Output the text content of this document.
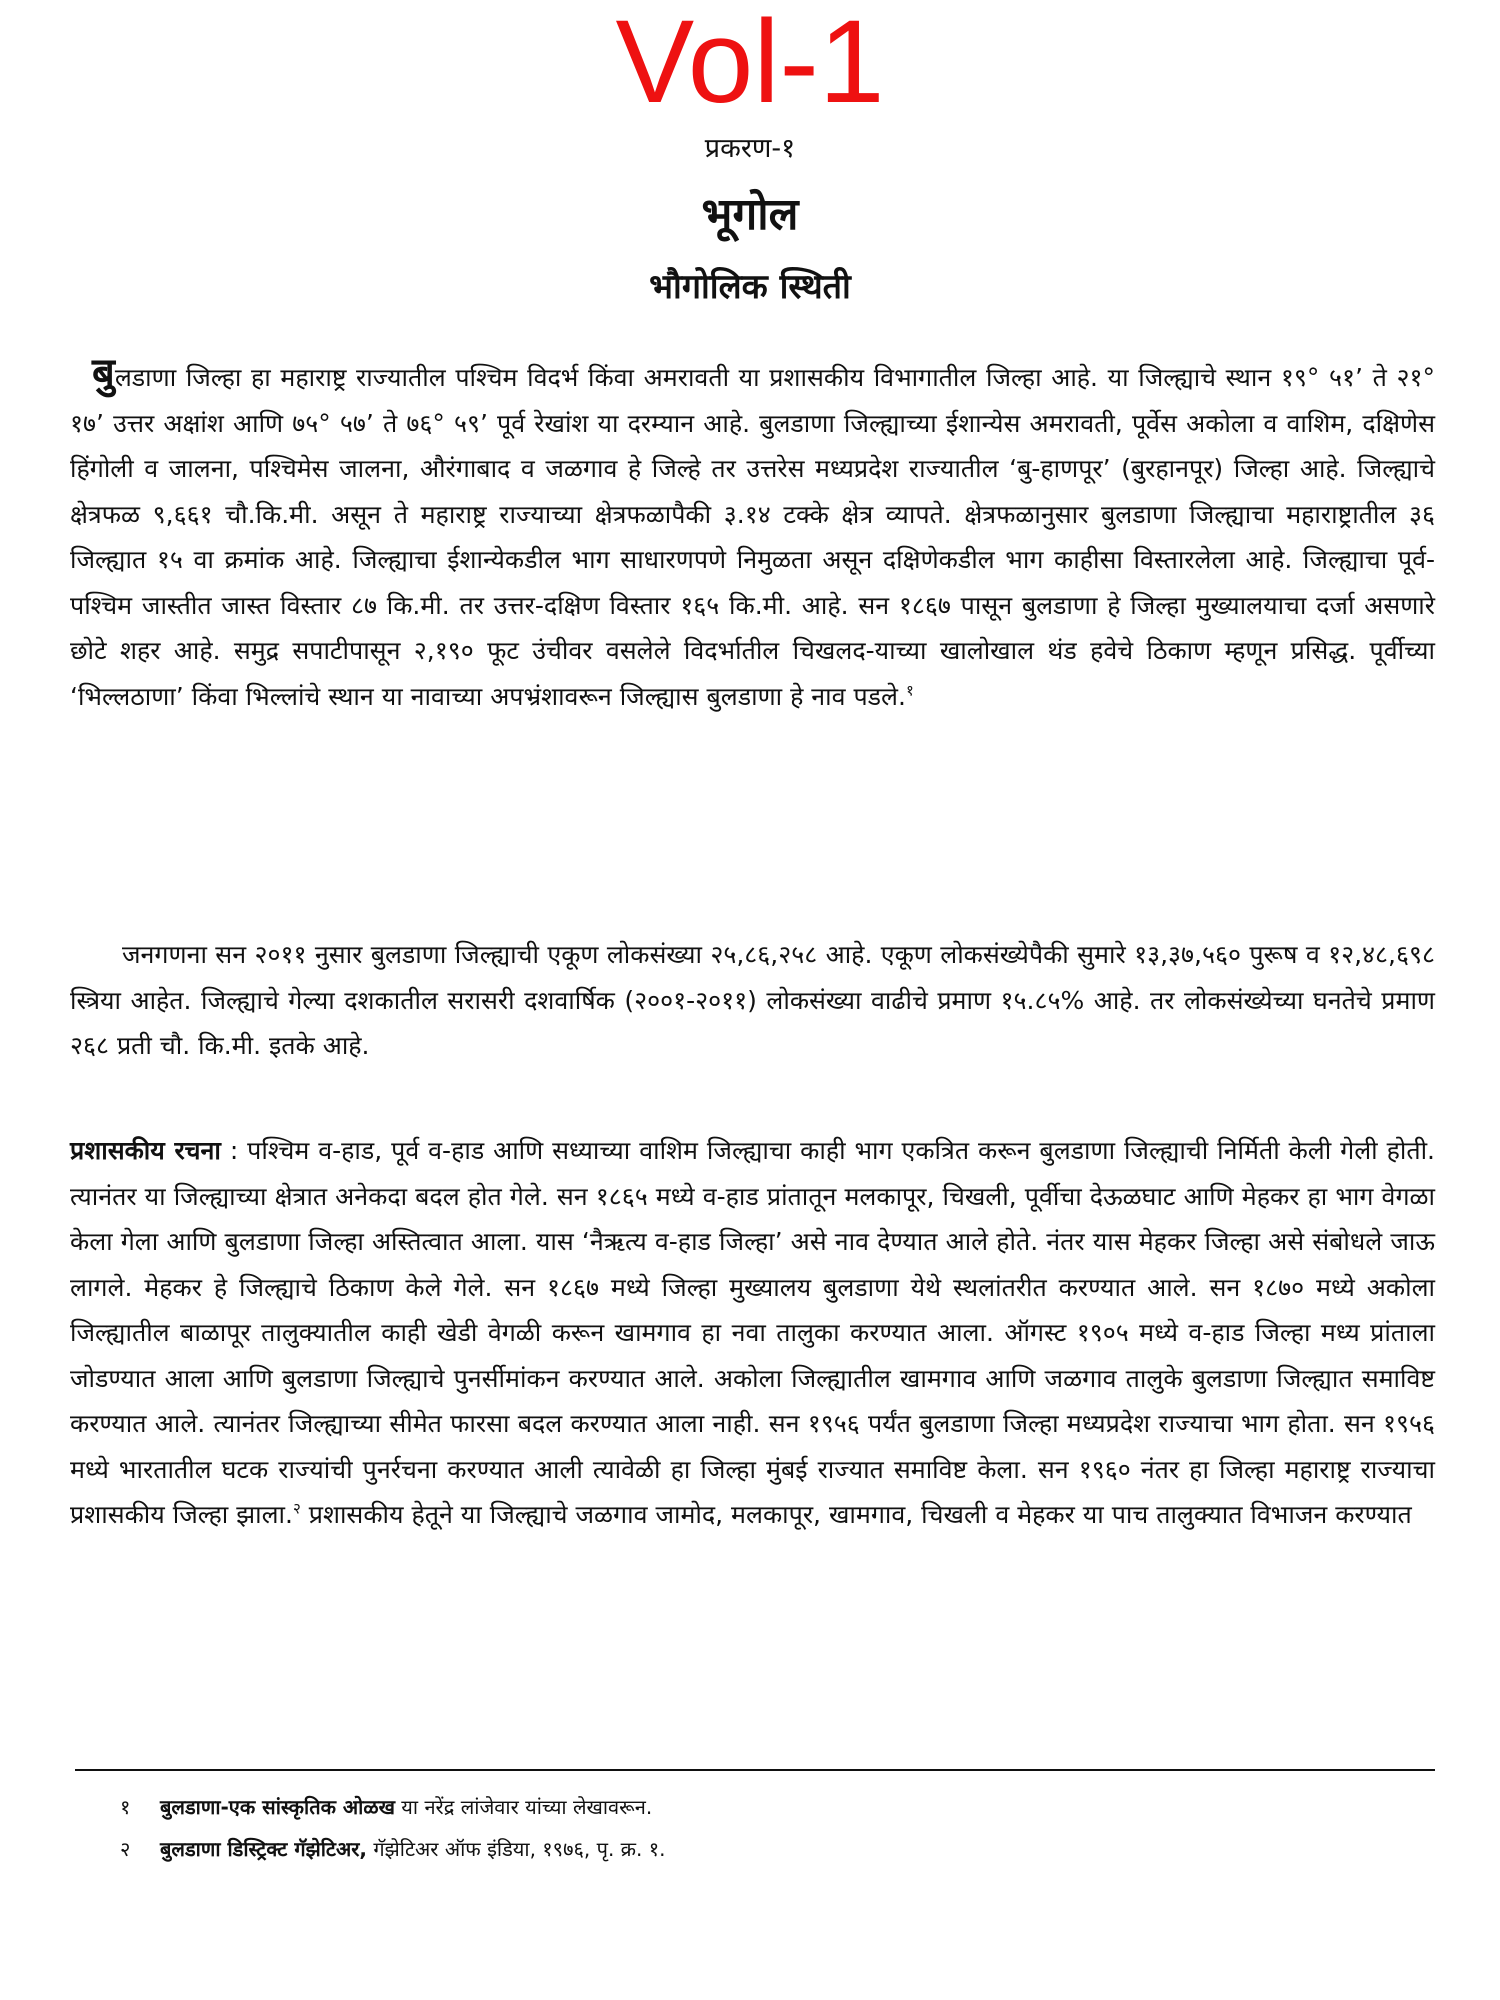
Vol-1
प्रकरण-१
भूगोल
भौगोलिक स्थिती

बुलडाणा जिल्हा हा महाराष्ट्र राज्यातील पश्चिम विदर्भ किंवा अमरावती या प्रशासकीय विभागातील जिल्हा आहे. या जिल्ह्याचे स्थान १९° ५१’ ते २१° १७’ उत्तर अक्षांश आणि ७५° ५७’ ते ७६° ५९’ पूर्व रेखांश या दरम्यान आहे. बुलडाणा जिल्ह्याच्या ईशान्येस अमरावती, पूर्वेस अकोला व वाशिम, दक्षिणेस हिंगोली व जालना, पश्चिमेस जालना, औरंगाबाद व जळगाव हे जिल्हे तर उत्तरेस मध्यप्रदेश राज्यातील ‘बु-हाणपूर’ (बुरहानपूर) जिल्हा आहे. जिल्ह्याचे क्षेत्रफळ ९,६६१ चौ.कि.मी. असून ते महाराष्ट्र राज्याच्या क्षेत्रफळापैकी ३.१४ टक्के क्षेत्र व्यापते. क्षेत्रफळानुसार बुलडाणा जिल्ह्याचा महाराष्ट्रातील ३६ जिल्ह्यात १५ वा क्रमांक आहे. जिल्ह्याचा ईशान्येकडील भाग साधारणपणे निमुळता असून दक्षिणेकडील भाग काहीसा विस्तारलेला आहे. जिल्ह्याचा पूर्व-पश्चिम जास्तीत जास्त विस्तार ८७ कि.मी. तर उत्तर-दक्षिण विस्तार १६५ कि.मी. आहे. सन १८६७ पासून बुलडाणा हे जिल्हा मुख्यालयाचा दर्जा असणारे छोटे शहर आहे. समुद्र सपाटीपासून २,१९० फूट उंचीवर वसलेले विदर्भातील चिखलद-याच्या खालोखाल थंड हवेचे ठिकाण म्हणून प्रसिद्ध. पूर्वीच्या ‘भिल्लठाणा’ किंवा भिल्लांचे स्थान या नावाच्या अपभ्रंशावरून जिल्ह्यास बुलडाणा हे नाव पडले.$^१$

जनगणना सन २०११ नुसार बुलडाणा जिल्ह्याची एकूण लोकसंख्या २५,८६,२५८ आहे. एकूण लोकसंख्येपैकी सुमारे १३,३७,५६० पुरूष व १२,४८,६९८ स्त्रिया आहेत. जिल्ह्याचे गेल्या दशकातील सरासरी दशवार्षिक (२००१-२०११) लोकसंख्या वाढीचे प्रमाण १५.८५% आहे. तर लोकसंख्येच्या घनतेचे प्रमाण २६८ प्रती चौ. कि.मी. इतके आहे.

प्रशासकीय रचना : पश्चिम व-हाड, पूर्व व-हाड आणि सध्याच्या वाशिम जिल्ह्याचा काही भाग एकत्रित करून बुलडाणा जिल्ह्याची निर्मिती केली गेली होती. त्यानंतर या जिल्ह्याच्या क्षेत्रात अनेकदा बदल होत गेले. सन १८६५ मध्ये व-हाड प्रांतातून मलकापूर, चिखली, पूर्वीचा देऊळघाट आणि मेहकर हा भाग वेगळा केला गेला आणि बुलडाणा जिल्हा अस्तित्वात आला. यास ‘नैऋत्य व-हाड जिल्हा’ असे नाव देण्यात आले होते. नंतर यास मेहकर जिल्हा असे संबोधले जाऊ लागले. मेहकर हे जिल्ह्याचे ठिकाण केले गेले. सन १८६७ मध्ये जिल्हा मुख्यालय बुलडाणा येथे स्थलांतरीत करण्यात आले. सन १८७० मध्ये अकोला जिल्ह्यातील बाळापूर तालुक्यातील काही खेडी वेगळी करून खामगाव हा नवा तालुका करण्यात आला. ऑगस्ट १९०५ मध्ये व-हाड जिल्हा मध्य प्रांताला जोडण्यात आला आणि बुलडाणा जिल्ह्याचे पुनर्सीमांकन करण्यात आले. अकोला जिल्ह्यातील खामगाव आणि जळगाव तालुके बुलडाणा जिल्ह्यात समाविष्ट करण्यात आले. त्यानंतर जिल्ह्याच्या सीमेत फारसा बदल करण्यात आला नाही. सन १९५६ पर्यंत बुलडाणा जिल्हा मध्यप्रदेश राज्याचा भाग होता. सन १९५६ मध्ये भारतातील घटक राज्यांची पुनर्रचना करण्यात आली त्यावेळी हा जिल्हा मुंबई राज्यात समाविष्ट केला. सन १९६० नंतर हा जिल्हा महाराष्ट्र राज्याचा प्रशासकीय जिल्हा झाला.$^२$ प्रशासकीय हेतूने या जिल्ह्याचे जळगाव जामोद, मलकापूर, खामगाव, चिखली व मेहकर या पाच तालुक्यात विभाजन करण्यात

१ बुलडाणा-एक सांस्कृतिक ओळख या नरेंद्र लांजेवार यांच्या लेखावरून.

२ बुलडाणा डिस्ट्रिक्ट गॅझेटिअर, गॅझेटिअर ऑफ इंडिया, १९७६, पृ. क्र. १.
